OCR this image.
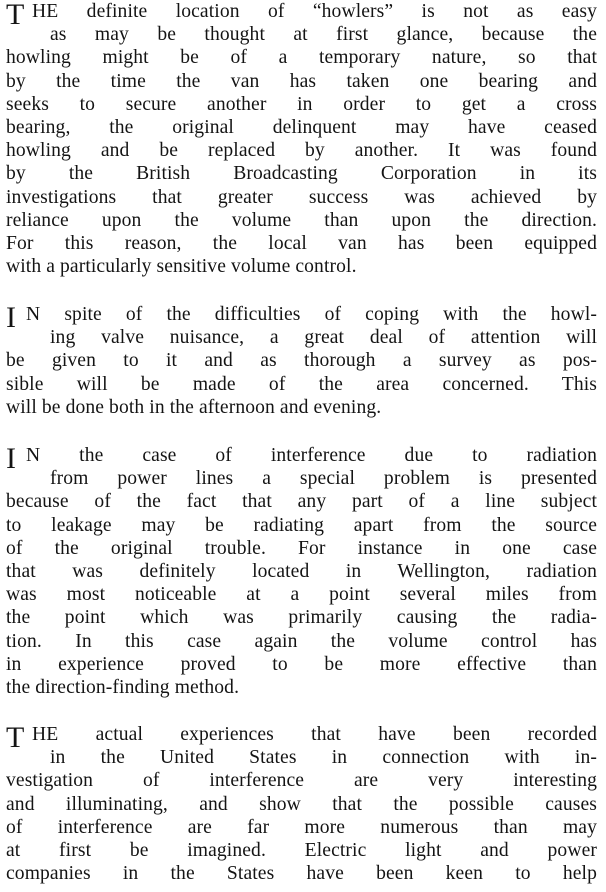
T HE definite location of “howlers” is not as easy
as may be thought at first glance, because the
howling might be of a temporary nature, so that
by the time the van has taken one bearing and
seeks to secure another in order to get a cross
bearing, the original delinquent may have ceased
howling and be replaced by another. It was found
by the British Broadcasting Corporation in its
investigations that greater success was achieved by
reliance upon the volume than upon the direction.
For this reason, the local van has been equipped
with a particularly sensitive volume control.
I N spite of the difficulties of coping with the howl-
ing valve nuisance, a great deal of attention will
be given to it and as thorough a survey as pos-
sible will be made of the area concerned. This
will be done both in the afternoon and evening.
I N the case of interference due to radiation
from power lines a special problem is presented
because of the fact that any part of a line subject
to leakage may be radiating apart from the source
of the original trouble. For instance in one case
that was definitely located in Wellington, radiation
was most noticeable at a point several miles from
the point which was primarily causing the radia-
tion. In this case again the volume control has
in experience proved to be more effective than
the direction-finding method.
T HE actual experiences that have been recorded
in the United States in connection with in-
vestigation of interference are very interesting
and illuminating, and show that the possible causes
of interference are far more numerous than may
at first be imagined. Electric light and power
companies in the States have been keen to help
